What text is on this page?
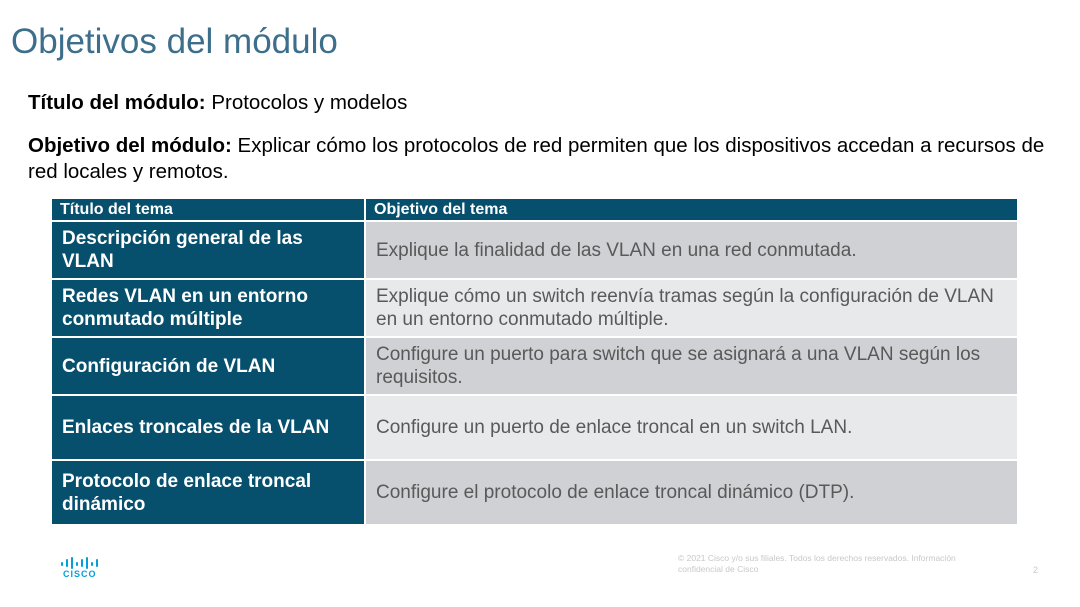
Objetivos del módulo
Título del módulo: Protocolos y modelos
Objetivo del módulo: Explicar cómo los protocolos de red permiten que los dispositivos accedan a recursos de red locales y remotos.
Título del tema	Objetivo del tema
Descripción general de las VLAN	Explique la finalidad de las VLAN en una red conmutada.
Redes VLAN en un entorno conmutado múltiple	Explique cómo un switch reenvía tramas según la configuración de VLAN en un entorno conmutado múltiple.
Configuración de VLAN	Configure un puerto para switch que se asignará a una VLAN según los requisitos.
Enlaces troncales de la VLAN	Configure un puerto de enlace troncal en un switch LAN.
Protocolo de enlace troncal dinámico	Configure el protocolo de enlace troncal dinámico (DTP).
CISCO
© 2021 Cisco y/o sus filiales. Todos los derechos reservados. Información confidencial de Cisco	2
